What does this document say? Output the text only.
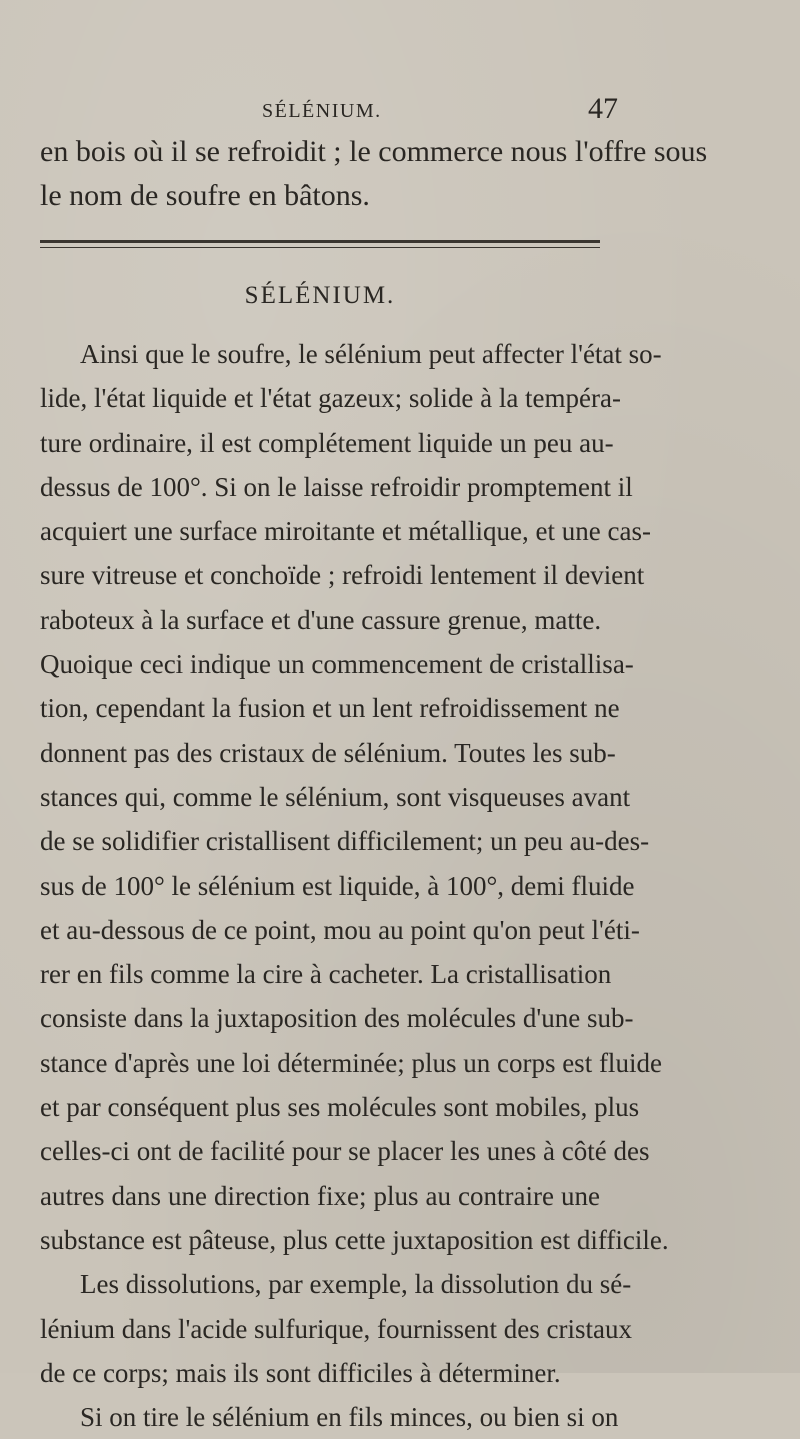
SÉLÉNIUM.	47
en bois où il se refroidit ; le commerce nous l'offre sous
le nom de soufre en bâtons.
SÉLÉNIUM.
Ainsi que le soufre, le sélénium peut affecter l'état so-
lide, l'état liquide et l'état gazeux; solide à la tempéra-
ture ordinaire, il est complétement liquide un peu au-
dessus de 100°. Si on le laisse refroidir promptement il
acquiert une surface miroitante et métallique, et une cas-
sure vitreuse et conchoïde ; refroidi lentement il devient
raboteux à la surface et d'une cassure grenue, matte.
Quoique ceci indique un commencement de cristallisa-
tion, cependant la fusion et un lent refroidissement ne
donnent pas des cristaux de sélénium. Toutes les sub-
stances qui, comme le sélénium, sont visqueuses avant
de se solidifier cristallisent difficilement; un peu au-des-
sus de 100° le sélénium est liquide, à 100°, demi fluide
et au-dessous de ce point, mou au point qu'on peut l'éti-
rer en fils comme la cire à cacheter. La cristallisation
consiste dans la juxtaposition des molécules d'une sub-
stance d'après une loi déterminée; plus un corps est fluide
et par conséquent plus ses molécules sont mobiles, plus
celles-ci ont de facilité pour se placer les unes à côté des
autres dans une direction fixe; plus au contraire une
substance est pâteuse, plus cette juxtaposition est difficile.
Les dissolutions, par exemple, la dissolution du sé-
lénium dans l'acide sulfurique, fournissent des cristaux
de ce corps; mais ils sont difficiles à déterminer.
Si on tire le sélénium en fils minces, ou bien si on
